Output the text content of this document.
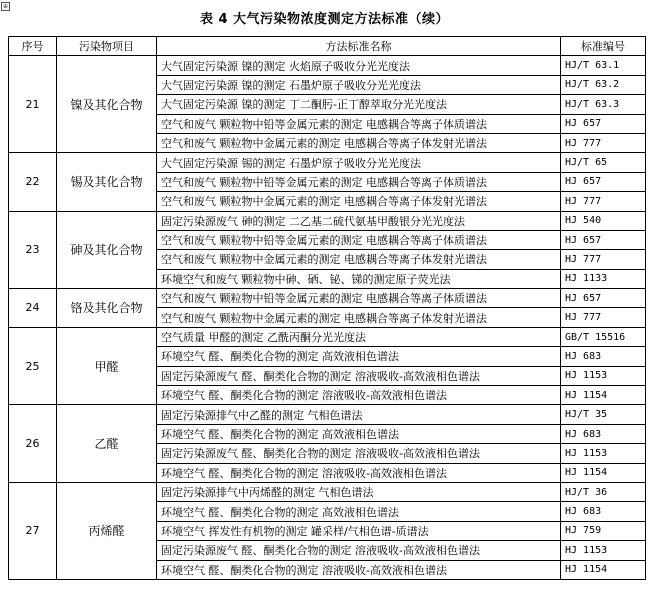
⊕
表 4 大气污染物浓度测定方法标准（续）
序号	污染物项目	方法标准名称	标准编号
21	镍及其化合物	大气固定污染源 镍的测定 火焰原子吸收分光光度法	HJ/T 63.1
		大气固定污染源 镍的测定 石墨炉原子吸收分光光度法	HJ/T 63.2
		大气固定污染源 镍的测定 丁二酮肟-正丁醇萃取分光光度法	HJ/T 63.3
		空气和废气 颗粒物中铅等金属元素的测定 电感耦合等离子体质谱法	HJ 657
		空气和废气 颗粒物中金属元素的测定 电感耦合等离子体发射光谱法	HJ 777
22	锡及其化合物	大气固定污染源 锡的测定 石墨炉原子吸收分光光度法	HJ/T 65
		空气和废气 颗粒物中铅等金属元素的测定 电感耦合等离子体质谱法	HJ 657
		空气和废气 颗粒物中金属元素的测定 电感耦合等离子体发射光谱法	HJ 777
23	砷及其化合物	固定污染源废气 砷的测定 二乙基二硫代氨基甲酸银分光光度法	HJ 540
		空气和废气 颗粒物中铅等金属元素的测定 电感耦合等离子体质谱法	HJ 657
		空气和废气 颗粒物中金属元素的测定 电感耦合等离子体发射光谱法	HJ 777
		环境空气和废气 颗粒物中砷、硒、铋、锑的测定原子荧光法	HJ 1133
24	铬及其化合物	空气和废气 颗粒物中铅等金属元素的测定 电感耦合等离子体质谱法	HJ 657
		空气和废气 颗粒物中金属元素的测定 电感耦合等离子体发射光谱法	HJ 777
25	甲醛	空气质量 甲醛的测定 乙酰丙酮分光光度法	GB/T 15516
		环境空气 醛、酮类化合物的测定 高效液相色谱法	HJ 683
		固定污染源废气 醛、酮类化合物的测定 溶液吸收-高效液相色谱法	HJ 1153
		环境空气 醛、酮类化合物的测定 溶液吸收-高效液相色谱法	HJ 1154
26	乙醛	固定污染源排气中乙醛的测定 气相色谱法	HJ/T 35
		环境空气 醛、酮类化合物的测定 高效液相色谱法	HJ 683
		固定污染源废气 醛、酮类化合物的测定 溶液吸收-高效液相色谱法	HJ 1153
		环境空气 醛、酮类化合物的测定 溶液吸收-高效液相色谱法	HJ 1154
27	丙烯醛	固定污染源排气中丙烯醛的测定 气相色谱法	HJ/T 36
		环境空气 醛、酮类化合物的测定 高效液相色谱法	HJ 683
		环境空气 挥发性有机物的测定 罐采样/气相色谱-质谱法	HJ 759
		固定污染源废气 醛、酮类化合物的测定 溶液吸收-高效液相色谱法	HJ 1153
		环境空气 醛、酮类化合物的测定 溶液吸收-高效液相色谱法	HJ 1154
